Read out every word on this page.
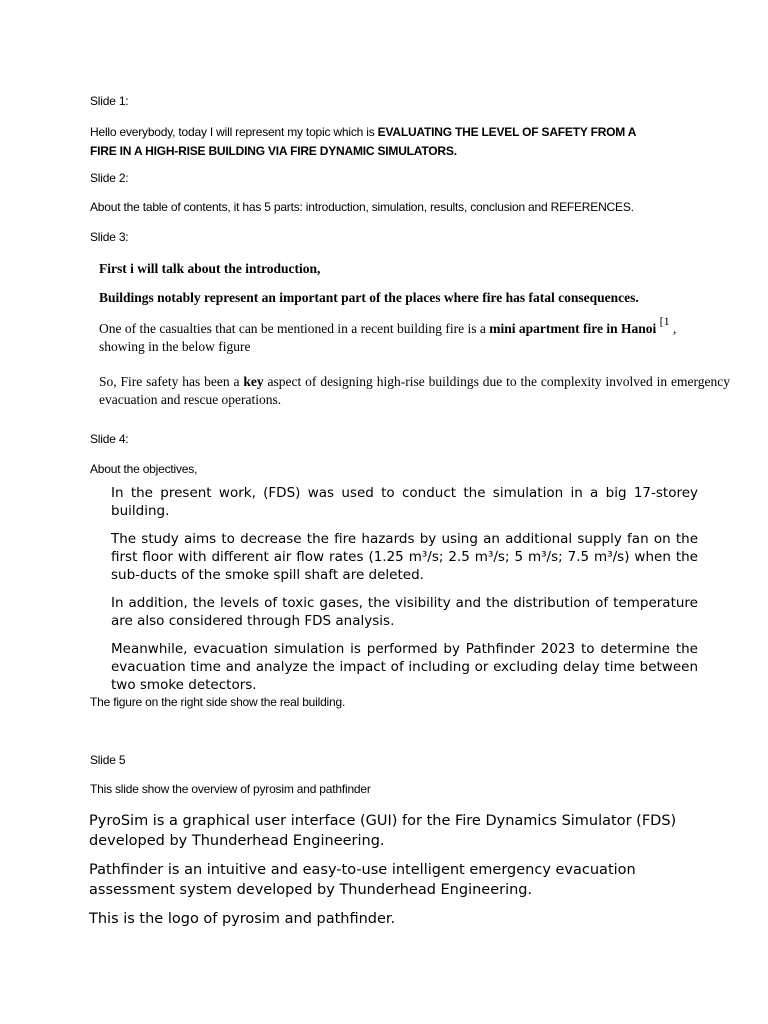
Slide 1:
Hello everybody, today I will represent my topic which is EVALUATING THE LEVEL OF SAFETY FROM A
FIRE IN A HIGH-RISE BUILDING VIA FIRE DYNAMIC SIMULATORS.
Slide 2:
About the table of contents, it has 5 parts: introduction, simulation, results, conclusion and REFERENCES.
Slide 3:
First i will talk about the introduction,
Buildings notably represent an important part of the places where fire has fatal consequences.
One of the casualties that can be mentioned in a recent building fire is a mini apartment fire in Hanoi [1 ,
showing in the below figure
So, Fire safety has been a key aspect of designing high-rise buildings due to the complexity involved in emergency evacuation and rescue operations.
Slide 4:
About the objectives,
In the present work, (FDS) was used to conduct the simulation in a big 17-storey building.
The study aims to decrease the fire hazards by using an additional supply fan on the first floor with different air flow rates (1.25 m³/s; 2.5 m³/s; 5 m³/s; 7.5 m³/s) when the sub-ducts of the smoke spill shaft are deleted.
In addition, the levels of toxic gases, the visibility and the distribution of temperature are also considered through FDS analysis.
Meanwhile, evacuation simulation is performed by Pathfinder 2023 to determine the evacuation time and analyze the impact of including or excluding delay time between two smoke detectors.
The figure on the right side show the real building.
Slide 5
This slide show the overview of pyrosim and pathfinder
PyroSim is a graphical user interface (GUI) for the Fire Dynamics Simulator (FDS) developed by Thunderhead Engineering.
Pathfinder is an intuitive and easy-to-use intelligent emergency evacuation assessment system developed by Thunderhead Engineering.
This is the logo of pyrosim and pathfinder.
